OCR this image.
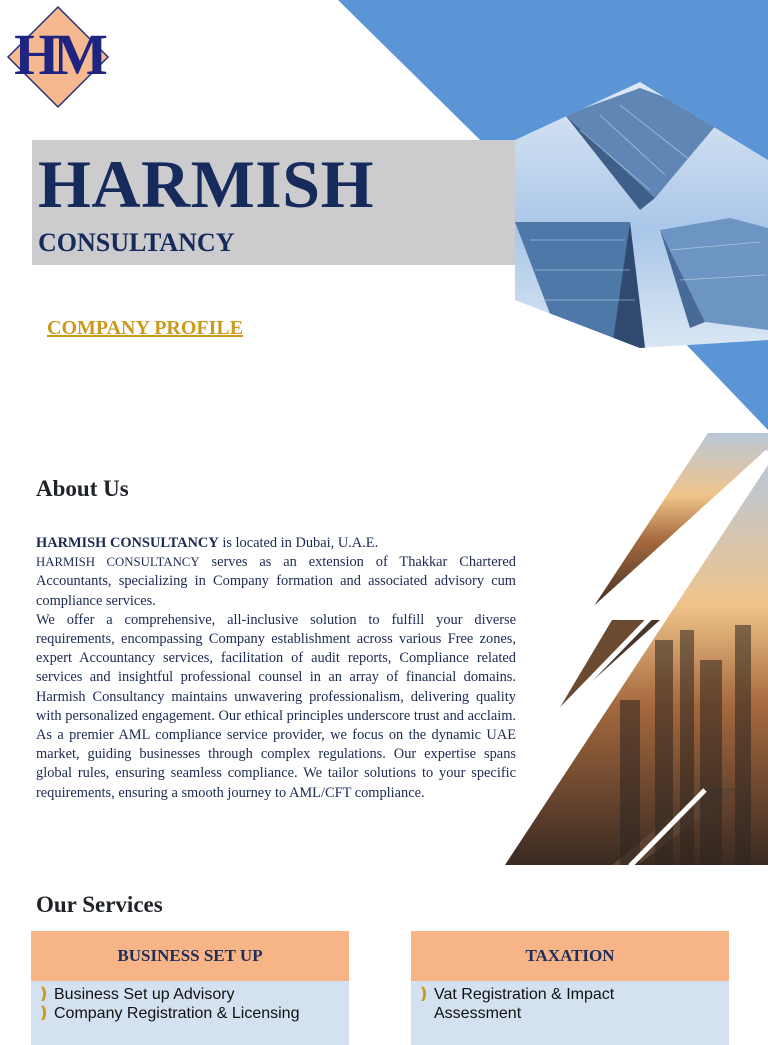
HM
HARMISH
CONSULTANCY
COMPANY PROFILE
About Us

HARMISH CONSULTANCY is located in Dubai, U.A.E.

HARMISH CONSULTANCY serves as an extension of Thakkar Chartered Accountants, specializing in Company formation and associated advisory cum compliance services.

We offer a comprehensive, all-inclusive solution to fulfill your diverse requirements, encompassing Company establishment across various Free zones, expert Accountancy services, facilitation of audit reports, Compliance related services and insightful professional counsel in an array of financial domains. Harmish Consultancy maintains unwavering professionalism, delivering quality with personalized engagement. Our ethical principles underscore trust and acclaim. As a premier AML compliance service provider, we focus on the dynamic UAE market, guiding businesses through complex regulations. Our expertise spans global rules, ensuring seamless compliance. We tailor solutions to your specific requirements, ensuring a smooth journey to AML/CFT compliance.

Our Services
BUSINESS SET UP
❫ Business Set up Advisory
❫ Company Registration & Licensing
TAXATION
❫ Vat Registration & Impact Assessment
